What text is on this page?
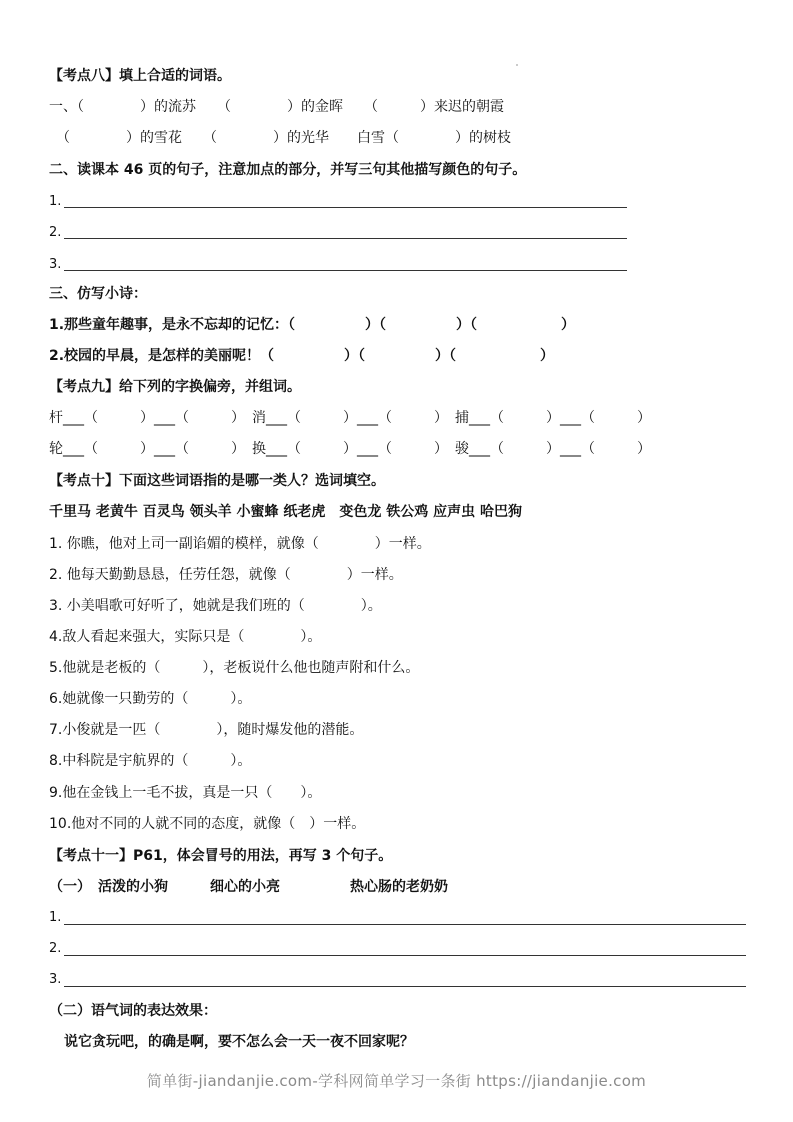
【考点八】填上合适的词语。
一、（　　　　）的流苏　　（　　　　）的金晖　　（　　　）来迟的朝霞
　（　　　　）的雪花　　（　　　　）的光华　　白雪（　　　　）的树枝
二、读课本 46 页的句子，注意加点的部分，并写三句其他描写颜色的句子。
1.
2.
3.
三、仿写小诗：
1.那些童年趣事，是永不忘却的记忆：（　　　　　）（　　　　　）（　　　　　　）
2.校园的早晨，是怎样的美丽呢！（　　　　　）（　　　　　）（　　　　　　）
【考点九】给下列的字换偏旁，并组词。
杆___（　　　）___（　　　）　消___（　　　）___（　　　）　捕___（　　　）___（　　　）
轮___（　　　）___（　　　）　换___（　　　）___（　　　）　骏___（　　　）___（　　　）
【考点十】下面这些词语指的是哪一类人？选词填空。
千里马 老黄牛 百灵鸟 领头羊 小蜜蜂 纸老虎　变色龙 铁公鸡 应声虫 哈巴狗
1. 你瞧，他对上司一副谄媚的模样，就像（　　　　）一样。
2. 他每天勤勤恳恳，任劳任怨，就像（　　　　）一样。
3. 小美唱歌可好听了，她就是我们班的（　　　　）。
4.敌人看起来强大，实际只是（　　　　）。
5.他就是老板的（　　　），老板说什么他也随声附和什么。
6.她就像一只勤劳的（　　　）。
7.小俊就是一匹（　　　　），随时爆发他的潜能。
8.中科院是宇航界的（　　　）。
9.他在金钱上一毛不拔，真是一只（　　）。
10.他对不同的人就不同的态度，就像（　）一样。
【考点十一】P61，体会冒号的用法，再写 3 个句子。
（一）　活泼的小狗　　　细心的小亮　　　　　热心肠的老奶奶
1.
2.
3.
（二）语气词的表达效果：
说它贪玩吧，的确是啊，要不怎么会一天一夜不回家呢？
简单街-jiandanjie.com-学科网简单学习一条街 https://jiandanjie.com
